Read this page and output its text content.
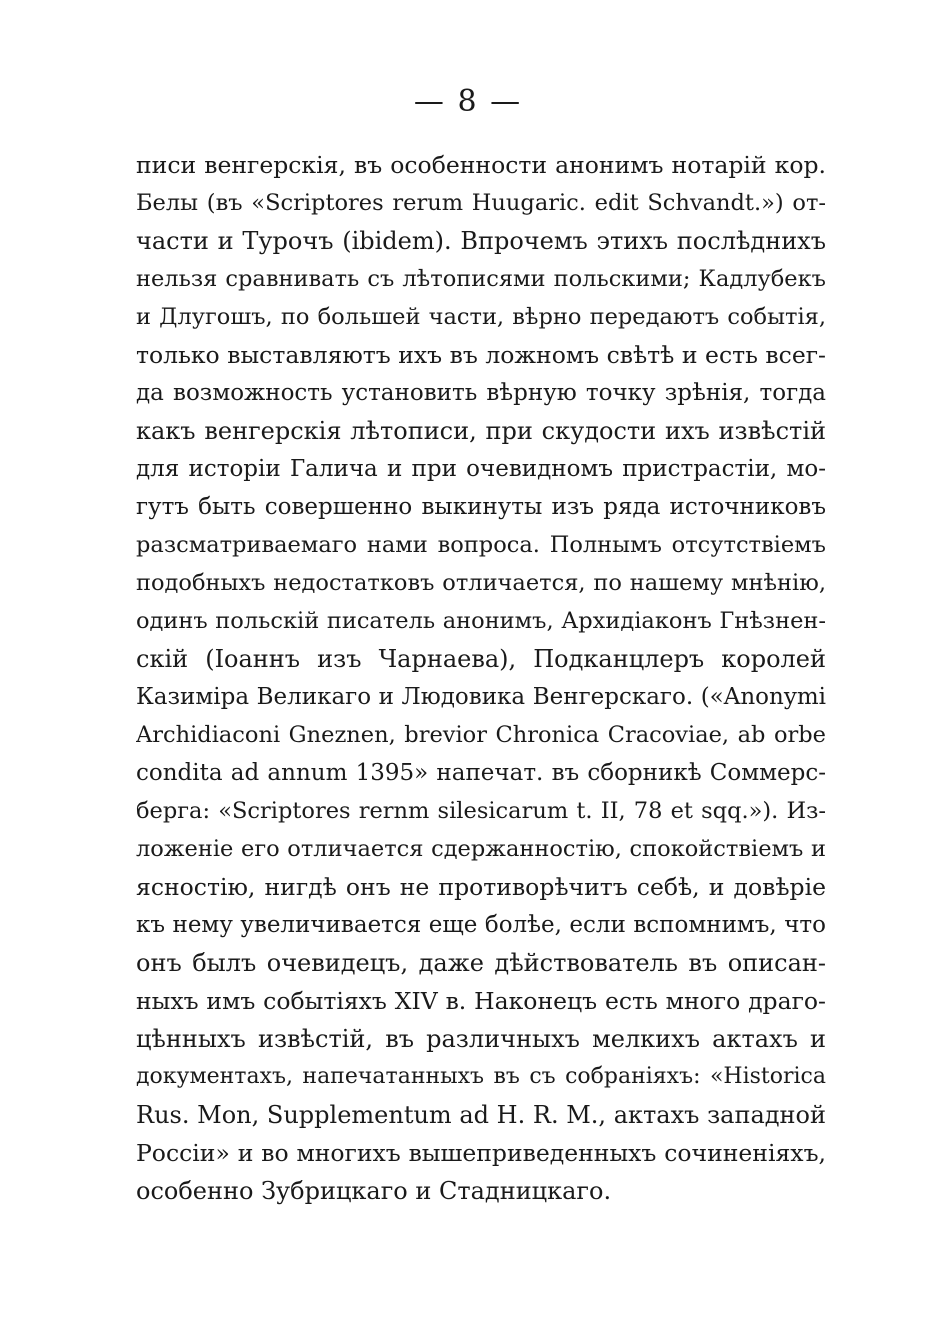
— 8 —
писи венгерскія, въ особенности анонимъ нотарій кор.
Белы (въ «Scriptores rerum Huugaric. edit Schvandt.») от-
части и Турочъ (ibidem). Впрочемъ этихъ послѣднихъ
нельзя сравнивать съ лѣтописями польскими; Кадлубекъ
и Длугошъ, по большей части, вѣрно передаютъ событія,
только выставляютъ ихъ въ ложномъ свѣтѣ и есть всег-
да возможность установить вѣрную точку зрѣнія, тогда
какъ венгерскія лѣтописи, при скудости ихъ извѣстій
для исторіи Галича и при очевидномъ пристрастіи, мо-
гутъ быть совершенно выкинуты изъ ряда источниковъ
разсматриваемаго нами вопроса. Полнымъ отсутствіемъ
подобныхъ недостатковъ отличается, по нашему мнѣнію,
одинъ польскій писатель анонимъ, Архидіаконъ Гнѣзнен-
скій (Іоаннъ изъ Чарнаева), Подканцлеръ королей
Казиміра Великаго и Людовика Венгерскаго. («Anonymi
Archidiaconi Gneznen, brevior Chronica Cracoviae, ab orbe
condita ad annum 1395» напечат. въ сборникѣ Соммерс-
берга: «Scriptores rernm silesicarum t. II, 78 et sqq.»). Из-
ложеніе его отличается сдержанностію, спокойствіемъ и
ясностію, нигдѣ онъ не противорѣчитъ себѣ, и довѣріе
къ нему увеличивается еще болѣе, если вспомнимъ, что
онъ былъ очевидецъ, даже дѣйствователь въ описан-
ныхъ имъ событіяхъ XIV в. Наконецъ есть много драго-
цѣнныхъ извѣстій, въ различныхъ мелкихъ актахъ и
документахъ, напечатанныхъ въ съ собраніяхъ: «Historica
Rus. Mon, Supplementum ad H. R. M., актахъ западной
Россіи» и во многихъ вышеприведенныхъ сочиненіяхъ,
особенно Зубрицкаго и Стадницкаго.
